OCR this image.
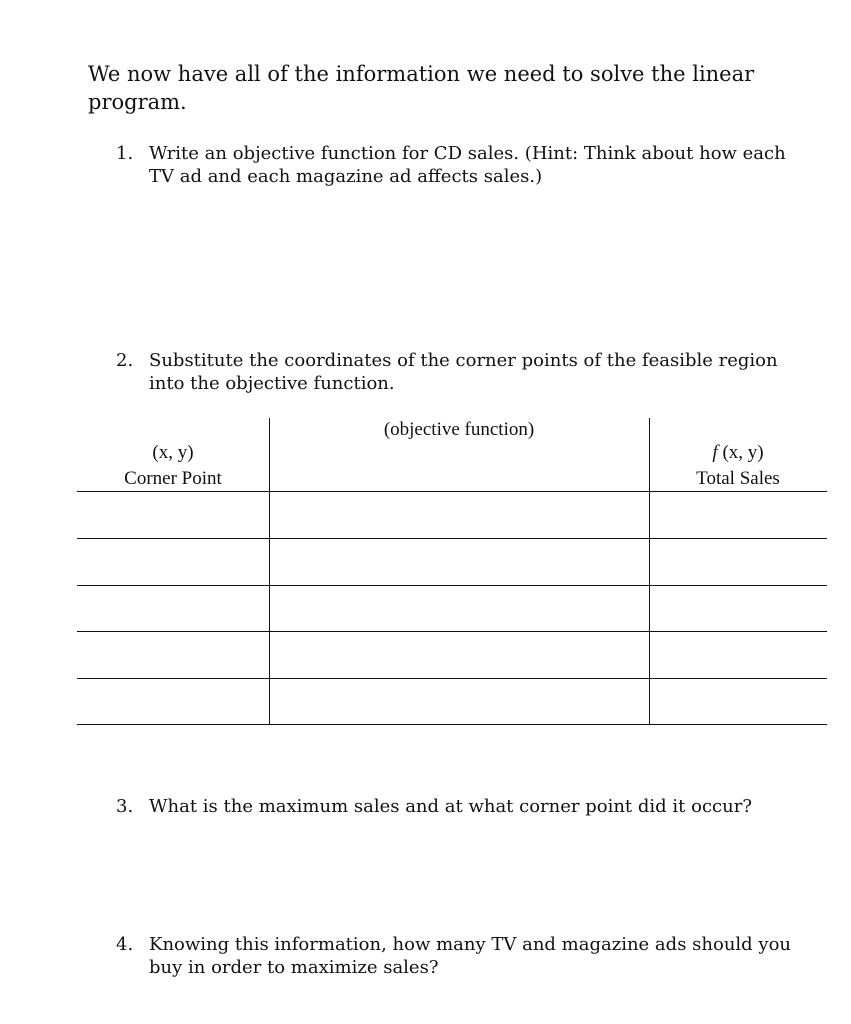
We now have all of the information we need to solve the linear program.

1. Write an objective function for CD sales. (Hint: Think about how each TV ad and each magazine ad affects sales.)
2. Substitute the coordinates of the corner points of the feasible region into the objective function.
(x, y)
Corner Point
(objective function)
f (x, y)
Total Sales
3. What is the maximum sales and at what corner point did it occur?
4. Knowing this information, how many TV and magazine ads should you buy in order to maximize sales?
